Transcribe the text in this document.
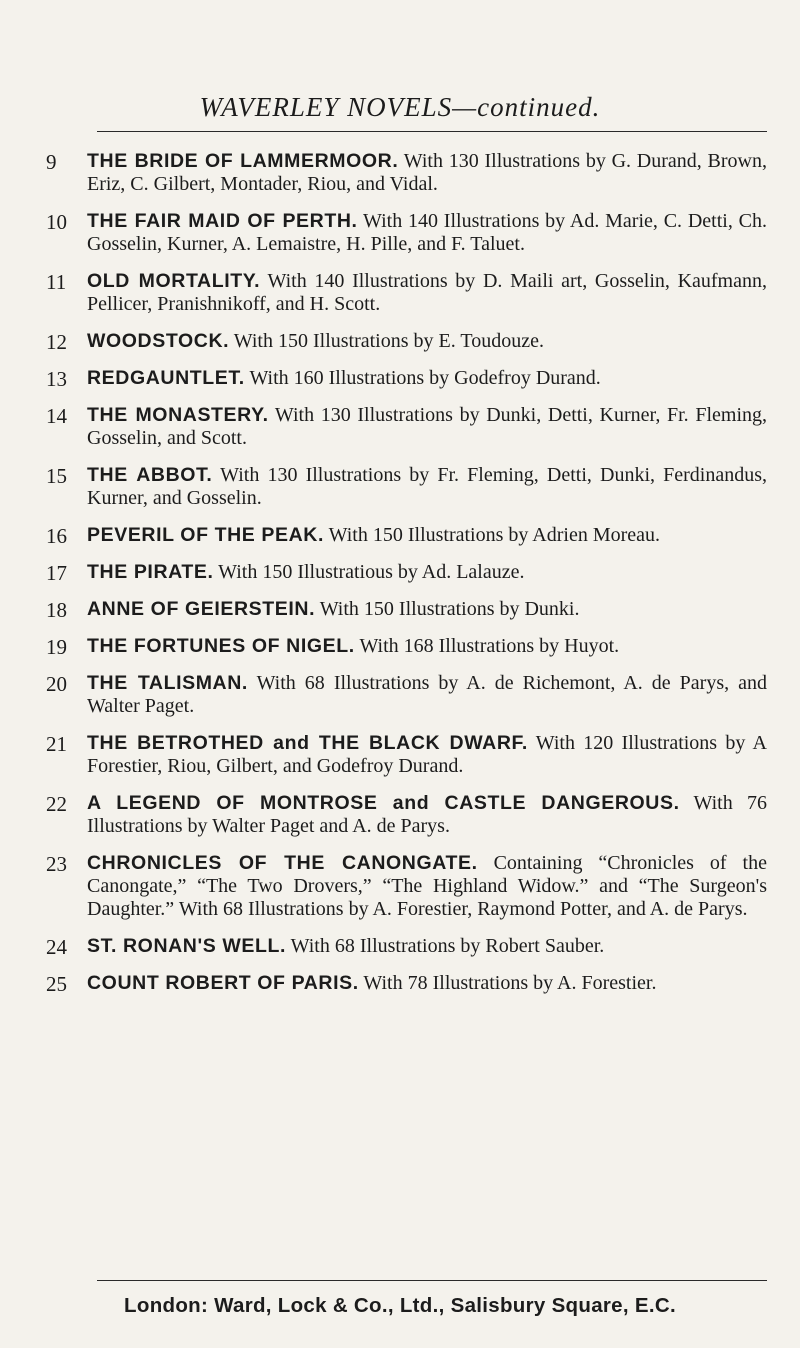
WAVERLEY NOVELS—continued.
9	THE BRIDE OF LAMMERMOOR. With 130 Illustrations by G. Durand, Brown, Eriz, C. Gilbert, Montader, Riou, and Vidal.
10	THE FAIR MAID OF PERTH. With 140 Illustrations by Ad. Marie, C. Detti, Ch. Gosselin, Kurner, A. Lemaistre, H. Pille, and F. Taluet.
11	OLD MORTALITY. With 140 Illustrations by D. Maili art, Gosselin, Kaufmann, Pellicer, Pranishnikoff, and H. Scott.
12	WOODSTOCK. With 150 Illustrations by E. Toudouze.
13	REDGAUNTLET. With 160 Illustrations by Godefroy Durand.
14	THE MONASTERY. With 130 Illustrations by Dunki, Detti, Kurner, Fr. Fleming, Gosselin, and Scott.
15	THE ABBOT. With 130 Illustrations by Fr. Fleming, Detti, Dunki, Ferdinandus, Kurner, and Gosselin.
16	PEVERIL OF THE PEAK. With 150 Illustrations by Adrien Moreau.
17	THE PIRATE. With 150 Illustratious by Ad. Lalauze.
18	ANNE OF GEIERSTEIN. With 150 Illustrations by Dunki.
19	THE FORTUNES OF NIGEL. With 168 Illustrations by Huyot.
20	THE TALISMAN. With 68 Illustrations by A. de Richemont, A. de Parys, and Walter Paget.
21	THE BETROTHED and THE BLACK DWARF. With 120 Illustrations by A Forestier, Riou, Gilbert, and Godefroy Durand.
22	A LEGEND OF MONTROSE and CASTLE DANGEROUS. With 76 Illustrations by Walter Paget and A. de Parys.
23	CHRONICLES OF THE CANONGATE. Containing “Chronicles of the Canongate,” “The Two Drovers,” “The Highland Widow.” and “The Surgeon's Daughter.” With 68 Illustrations by A. Forestier, Raymond Potter, and A. de Parys.
24	ST. RONAN'S WELL. With 68 Illustrations by Robert Sauber.
25	COUNT ROBERT OF PARIS. With 78 Illustrations by A. Forestier.
London: Ward, Lock & Co., Ltd., Salisbury Square, E.C.
